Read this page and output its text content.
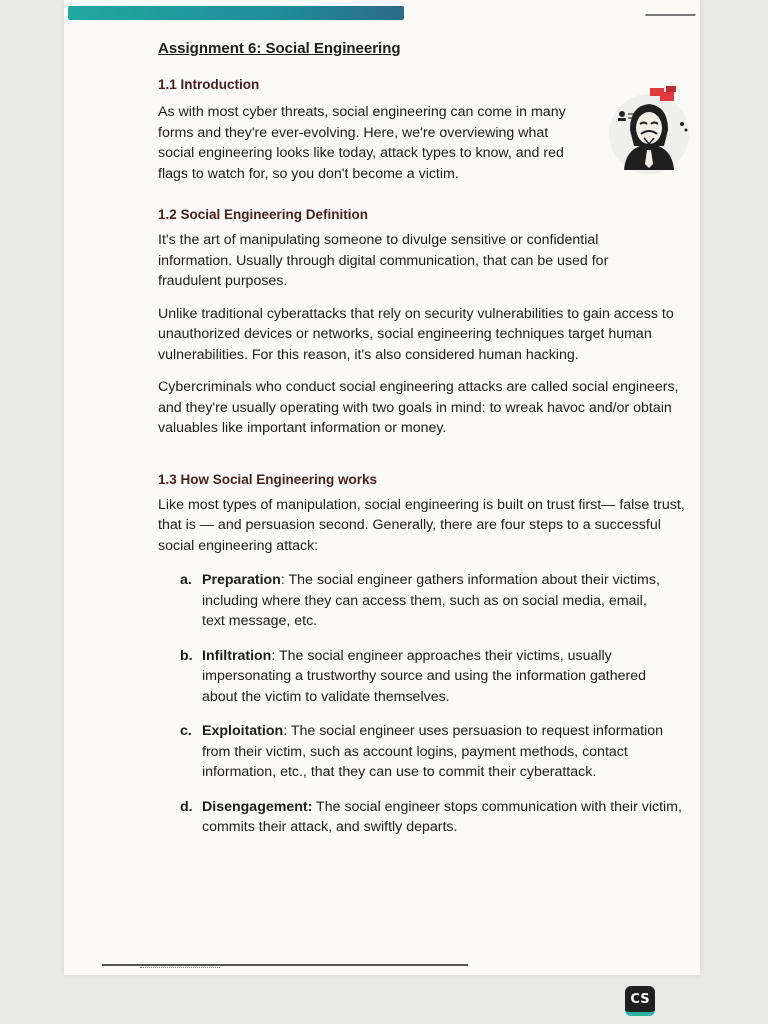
Assignment 6: Social Engineering
1.1 Introduction

As with most cyber threats, social engineering can come in many forms and they're ever-evolving. Here, we're overviewing what social engineering looks like today, attack types to know, and red flags to watch for, so you don't become a victim.

1.2 Social Engineering Definition

It's the art of manipulating someone to divulge sensitive or confidential information. Usually through digital communication, that can be used for fraudulent purposes.

Unlike traditional cyberattacks that rely on security vulnerabilities to gain access to unauthorized devices or networks, social engineering techniques target human vulnerabilities. For this reason, it's also considered human hacking.

Cybercriminals who conduct social engineering attacks are called social engineers, and they're usually operating with two goals in mind: to wreak havoc and/or obtain valuables like important information or money.

1.3 How Social Engineering works

Like most types of manipulation, social engineering is built on trust first— false trust, that is — and persuasion second. Generally, there are four steps to a successful social engineering attack:

a. Preparation: The social engineer gathers information about their victims, including where they can access them, such as on social media, email, text message, etc.
b. Infiltration: The social engineer approaches their victims, usually impersonating a trustworthy source and using the information gathered about the victim to validate themselves.
c. Exploitation: The social engineer uses persuasion to request information from their victim, such as account logins, payment methods, contact information, etc., that they can use to commit their cyberattack.
d. Disengagement: The social engineer stops communication with their victim, commits their attack, and swiftly departs.
CS
